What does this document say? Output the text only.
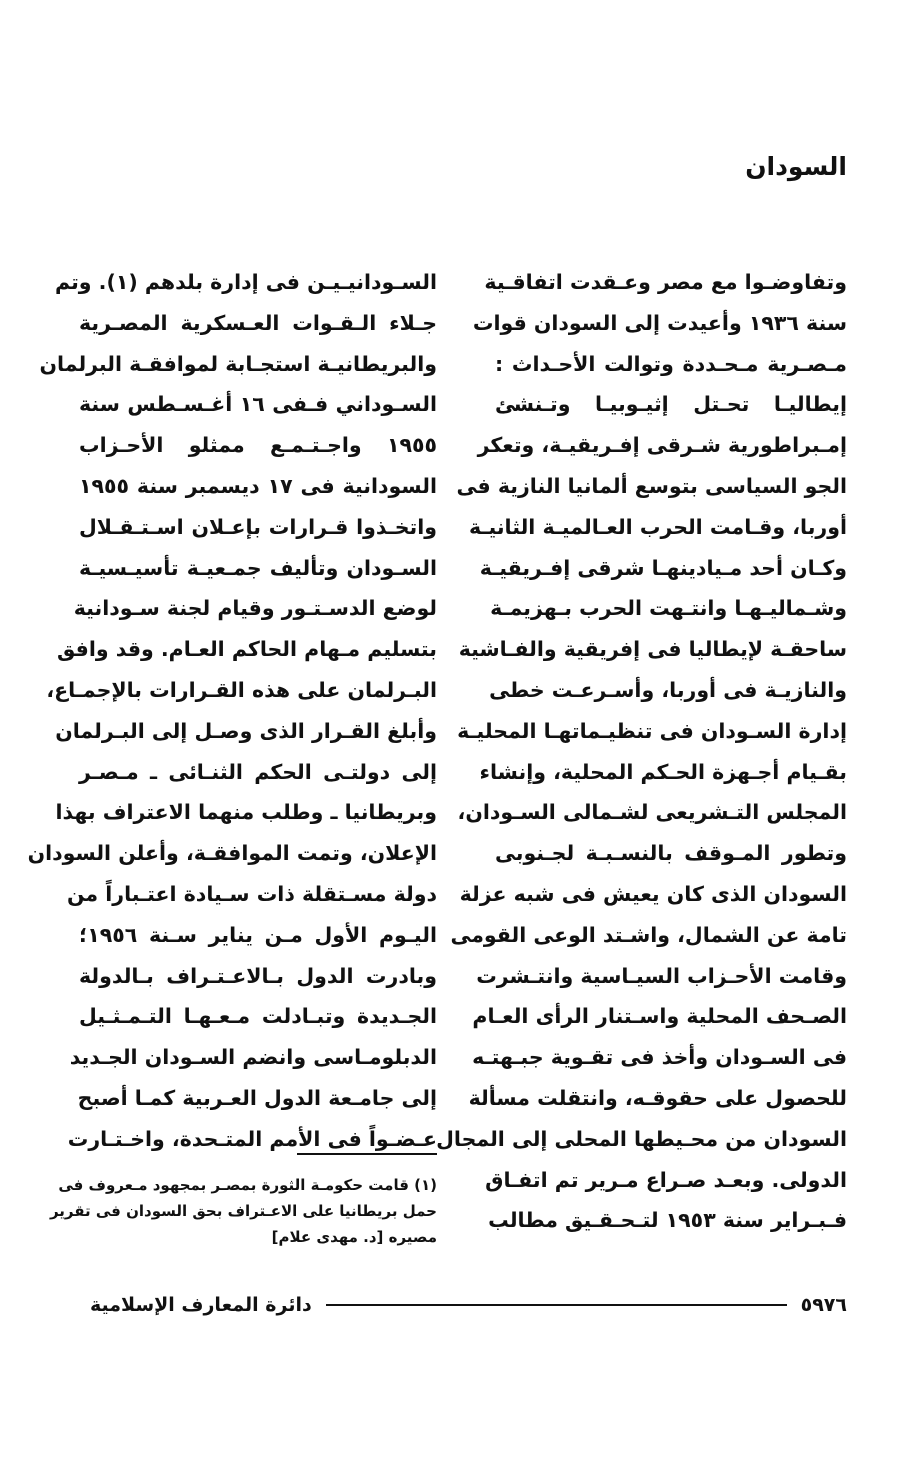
السودان
وتفاوضـوا مع مصر وعـقدت اتفاقـية
سنة ١٩٣٦ وأعيدت إلى السودان قوات
مـصـرية مـحـددة وتوالت الأحـداث :
إيطاليـا تحـتل إثيـوبيـا وتـنشئ
إمـبراطورية شـرقى إفـريقيـة، وتعكر
الجو السياسى بتوسع ألمانيا النازية فى
أوربا، وقـامت الحرب العـالميـة الثانيـة
وكـان أحد مـيادينهـا شرقى إفـريقيـة
وشـماليـهـا وانتـهت الحرب بـهزيمـة
ساحقـة لإيطاليا فى إفريقية والفـاشية
والنازيـة فى أوربا، وأسـرعـت خطى
إدارة السـودان فى تنظيـماتهـا المحليـة
بقـيام أجـهزة الحـكم المحلية، وإنشاء
المجلس التـشريعى لشـمالى السـودان،
وتطور المـوقف بالنسـبـة لجـنوبى
السودان الذى كان يعيش فى شبه عزلة
تامة عن الشمال، واشـتد الوعى القومى
وقامت الأحـزاب السيـاسية وانتـشرت
الصـحف المحلية واسـتنار الرأى العـام
فى السـودان وأخذ فى تقـوية جبـهتـه
للحصول على حقوقـه، وانتقلت مسألة
السودان من محـيطها المحلى إلى المجال
الدولى. وبعـد صـراع مـرير تم اتفـاق
فـبـراير سنة ١٩٥٣ لتـحـقـيق مطالب
السـودانيـيـن فى إدارة بلدهم (١). وتم
جـلاء الـقـوات العـسكرية المصـرية
والبريطانيـة استجـابة لموافقـة البرلمان
السـوداني فـفى ١٦ أغـسـطس سنة
١٩٥٥ واجـتـمـع ممثلو الأحـزاب
السودانية فى ١٧ ديسمبر سنة ١٩٥٥
واتخـذوا قـرارات بإعـلان اسـتـقـلال
السـودان وتأليف جمـعيـة تأسيـسيـة
لوضع الدسـتـور وقيام لجنة سـودانية
بتسليم مـهام الحاكم العـام. وقد وافق
البـرلمان على هذه القـرارات بالإجمـاع،
وأبلغ القـرار الذى وصـل إلى البـرلمان
إلى دولتـى الحكم الثنـائى ـ مـصـر
وبريطانيا ـ وطلب منهما الاعتراف بهذا
الإعلان، وتمت الموافقـة، وأعلن السودان
دولة مسـتقلة ذات سـيادة اعتـباراً من
اليـوم الأول مـن يناير سـنة ١٩٥٦؛
وبادرت الدول بـالاعـتـراف بـالدولة
الجـديدة وتبـادلت مـعـهـا التـمـثـيل
الدبلومـاسى وانضم السـودان الجـديد
إلى جامـعة الدول العـربية كمـا أصبح
عـضـواً فى الأمم المتـحدة، واخـتـارت
(١) قامت حكومـة الثورة بمصـر بمجهود مـعروف فى
حمل بريطانيا على الاعـتراف بحق السودان فى تقرير
مصيره [د. مهدى علام]
٥٩٧٦
دائرة المعارف الإسلامية
